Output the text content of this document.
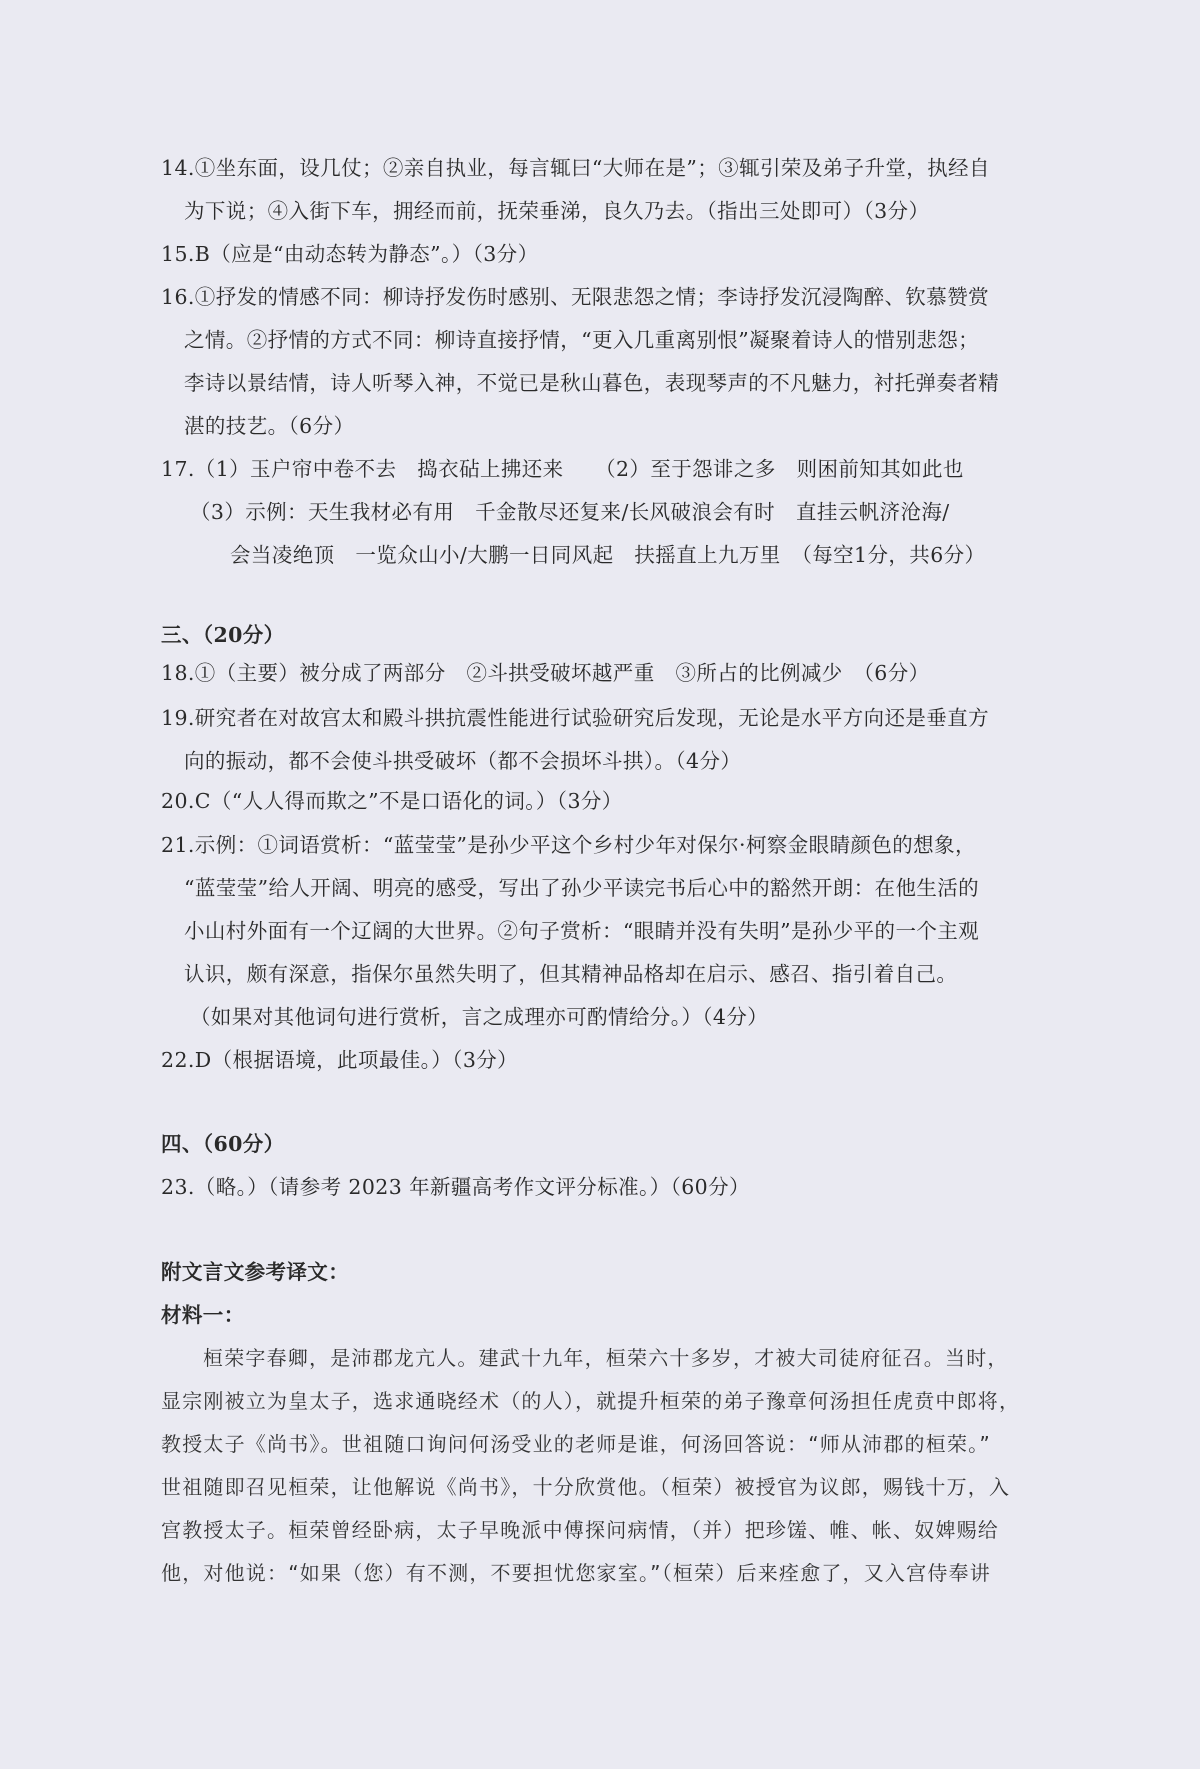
14.①坐东面，设几仗；②亲自执业，每言辄曰“大师在是”；③辄引荣及弟子升堂，执经自
为下说；④入街下车，拥经而前，抚荣垂涕，良久乃去。（指出三处即可）（3分）
15.B（应是“由动态转为静态”。）（3分）
16.①抒发的情感不同：柳诗抒发伤时感别、无限悲怨之情；李诗抒发沉浸陶醉、钦慕赞赏
之情。②抒情的方式不同：柳诗直接抒情，“更入几重离别恨”凝聚着诗人的惜别悲怨；
李诗以景结情，诗人听琴入神，不觉已是秋山暮色，表现琴声的不凡魅力，衬托弹奏者精
湛的技艺。（6分）
17.（1）玉户帘中卷不去　捣衣砧上拂还来　　（2）至于怨诽之多　则困前知其如此也
（3）示例：天生我材必有用　千金散尽还复来/长风破浪会有时　直挂云帆济沧海/
会当凌绝顶　一览众山小/大鹏一日同风起　扶摇直上九万里　（每空1分，共6分）
三、（20分）
18.①（主要）被分成了两部分　②斗拱受破坏越严重　③所占的比例减少　（6分）
19.研究者在对故宫太和殿斗拱抗震性能进行试验研究后发现，无论是水平方向还是垂直方
向的振动，都不会使斗拱受破坏（都不会损坏斗拱）。（4分）
20.C（“人人得而欺之”不是口语化的词。）（3分）
21.示例：①词语赏析：“蓝莹莹”是孙少平这个乡村少年对保尔·柯察金眼睛颜色的想象，
“蓝莹莹”给人开阔、明亮的感受，写出了孙少平读完书后心中的豁然开朗：在他生活的
小山村外面有一个辽阔的大世界。②句子赏析：“眼睛并没有失明”是孙少平的一个主观
认识，颇有深意，指保尔虽然失明了，但其精神品格却在启示、感召、指引着自己。
（如果对其他词句进行赏析，言之成理亦可酌情给分。）（4分）
22.D（根据语境，此项最佳。）（3分）
四、（60分）
23.（略。）（请参考 2023 年新疆高考作文评分标准。）（60分）
附文言文参考译文：
材料一：
桓荣字春卿，是沛郡龙亢人。建武十九年，桓荣六十多岁，才被大司徒府征召。当时，
显宗刚被立为皇太子，选求通晓经术（的人），就提升桓荣的弟子豫章何汤担任虎贲中郎将，
教授太子《尚书》。世祖随口询问何汤受业的老师是谁，何汤回答说：“师从沛郡的桓荣。”
世祖随即召见桓荣，让他解说《尚书》，十分欣赏他。（桓荣）被授官为议郎，赐钱十万，入
宫教授太子。桓荣曾经卧病，太子早晚派中傅探问病情，（并）把珍馐、帷、帐、奴婢赐给
他，对他说：“如果（您）有不测，不要担忧您家室。”（桓荣）后来痊愈了，又入宫侍奉讲
